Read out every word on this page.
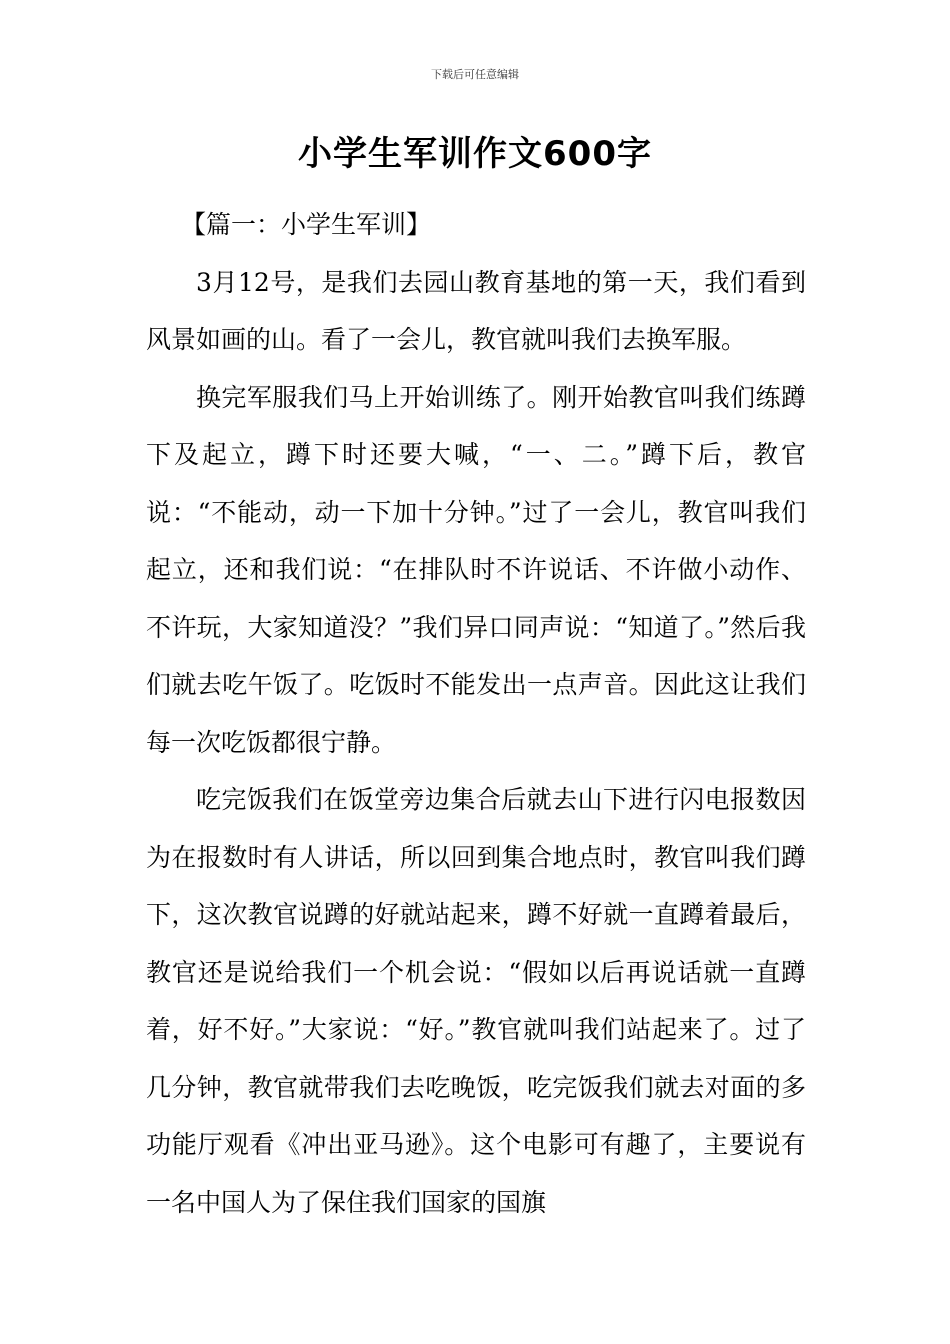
下载后可任意编辑
小学生军训作文600字

【篇一：小学生军训】

3月12号，是我们去园山教育基地的第一天，我们看到风景如画的山。看了一会儿，教官就叫我们去换军服。

换完军服我们马上开始训练了。刚开始教官叫我们练蹲下及起立，蹲下时还要大喊，“一、二。”蹲下后，教官说：“不能动，动一下加十分钟。”过了一会儿，教官叫我们起立，还和我们说：“在排队时不许说话、不许做小动作、不许玩，大家知道没？”我们异口同声说：“知道了。”然后我们就去吃午饭了。吃饭时不能发出一点声音。因此这让我们每一次吃饭都很宁静。

吃完饭我们在饭堂旁边集合后就去山下进行闪电报数因为在报数时有人讲话，所以回到集合地点时，教官叫我们蹲下，这次教官说蹲的好就站起来，蹲不好就一直蹲着最后，教官还是说给我们一个机会说：“假如以后再说话就一直蹲着，好不好。”大家说：“好。”教官就叫我们站起来了。过了几分钟，教官就带我们去吃晚饭，吃完饭我们就去对面的多功能厅观看《冲出亚马逊》。这个电影可有趣了，主要说有一名中国人为了保住我们国家的国旗
